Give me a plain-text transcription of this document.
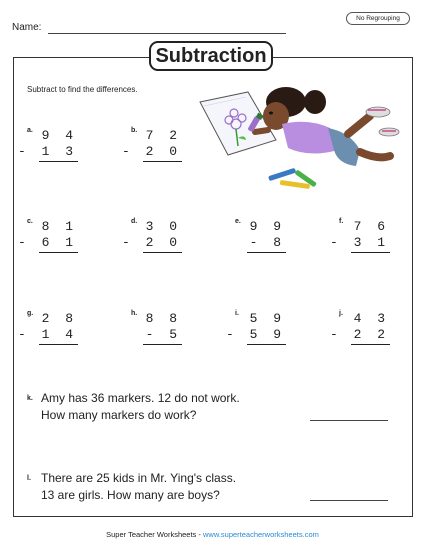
Name:
No Regrouping
Subtraction
Subtract to find the differences.
a. 9 4
- 1 3
b. 7 2
- 2 0
c. 8 1
- 6 1
d. 3 0
- 2 0
e. 9 9
- 8
f. 7 6
- 3 1
g. 2 8
- 1 4
h. 8 8
- 5
i. 5 9
- 5 9
j. 4 3
- 2 2
k. Amy has 36 markers. 12 do not work.
How many markers do work?
l. There are 25 kids in Mr. Ying's class.
13 are girls. How many are boys?
Super Teacher Worksheets - www.superteacherworksheets.com
